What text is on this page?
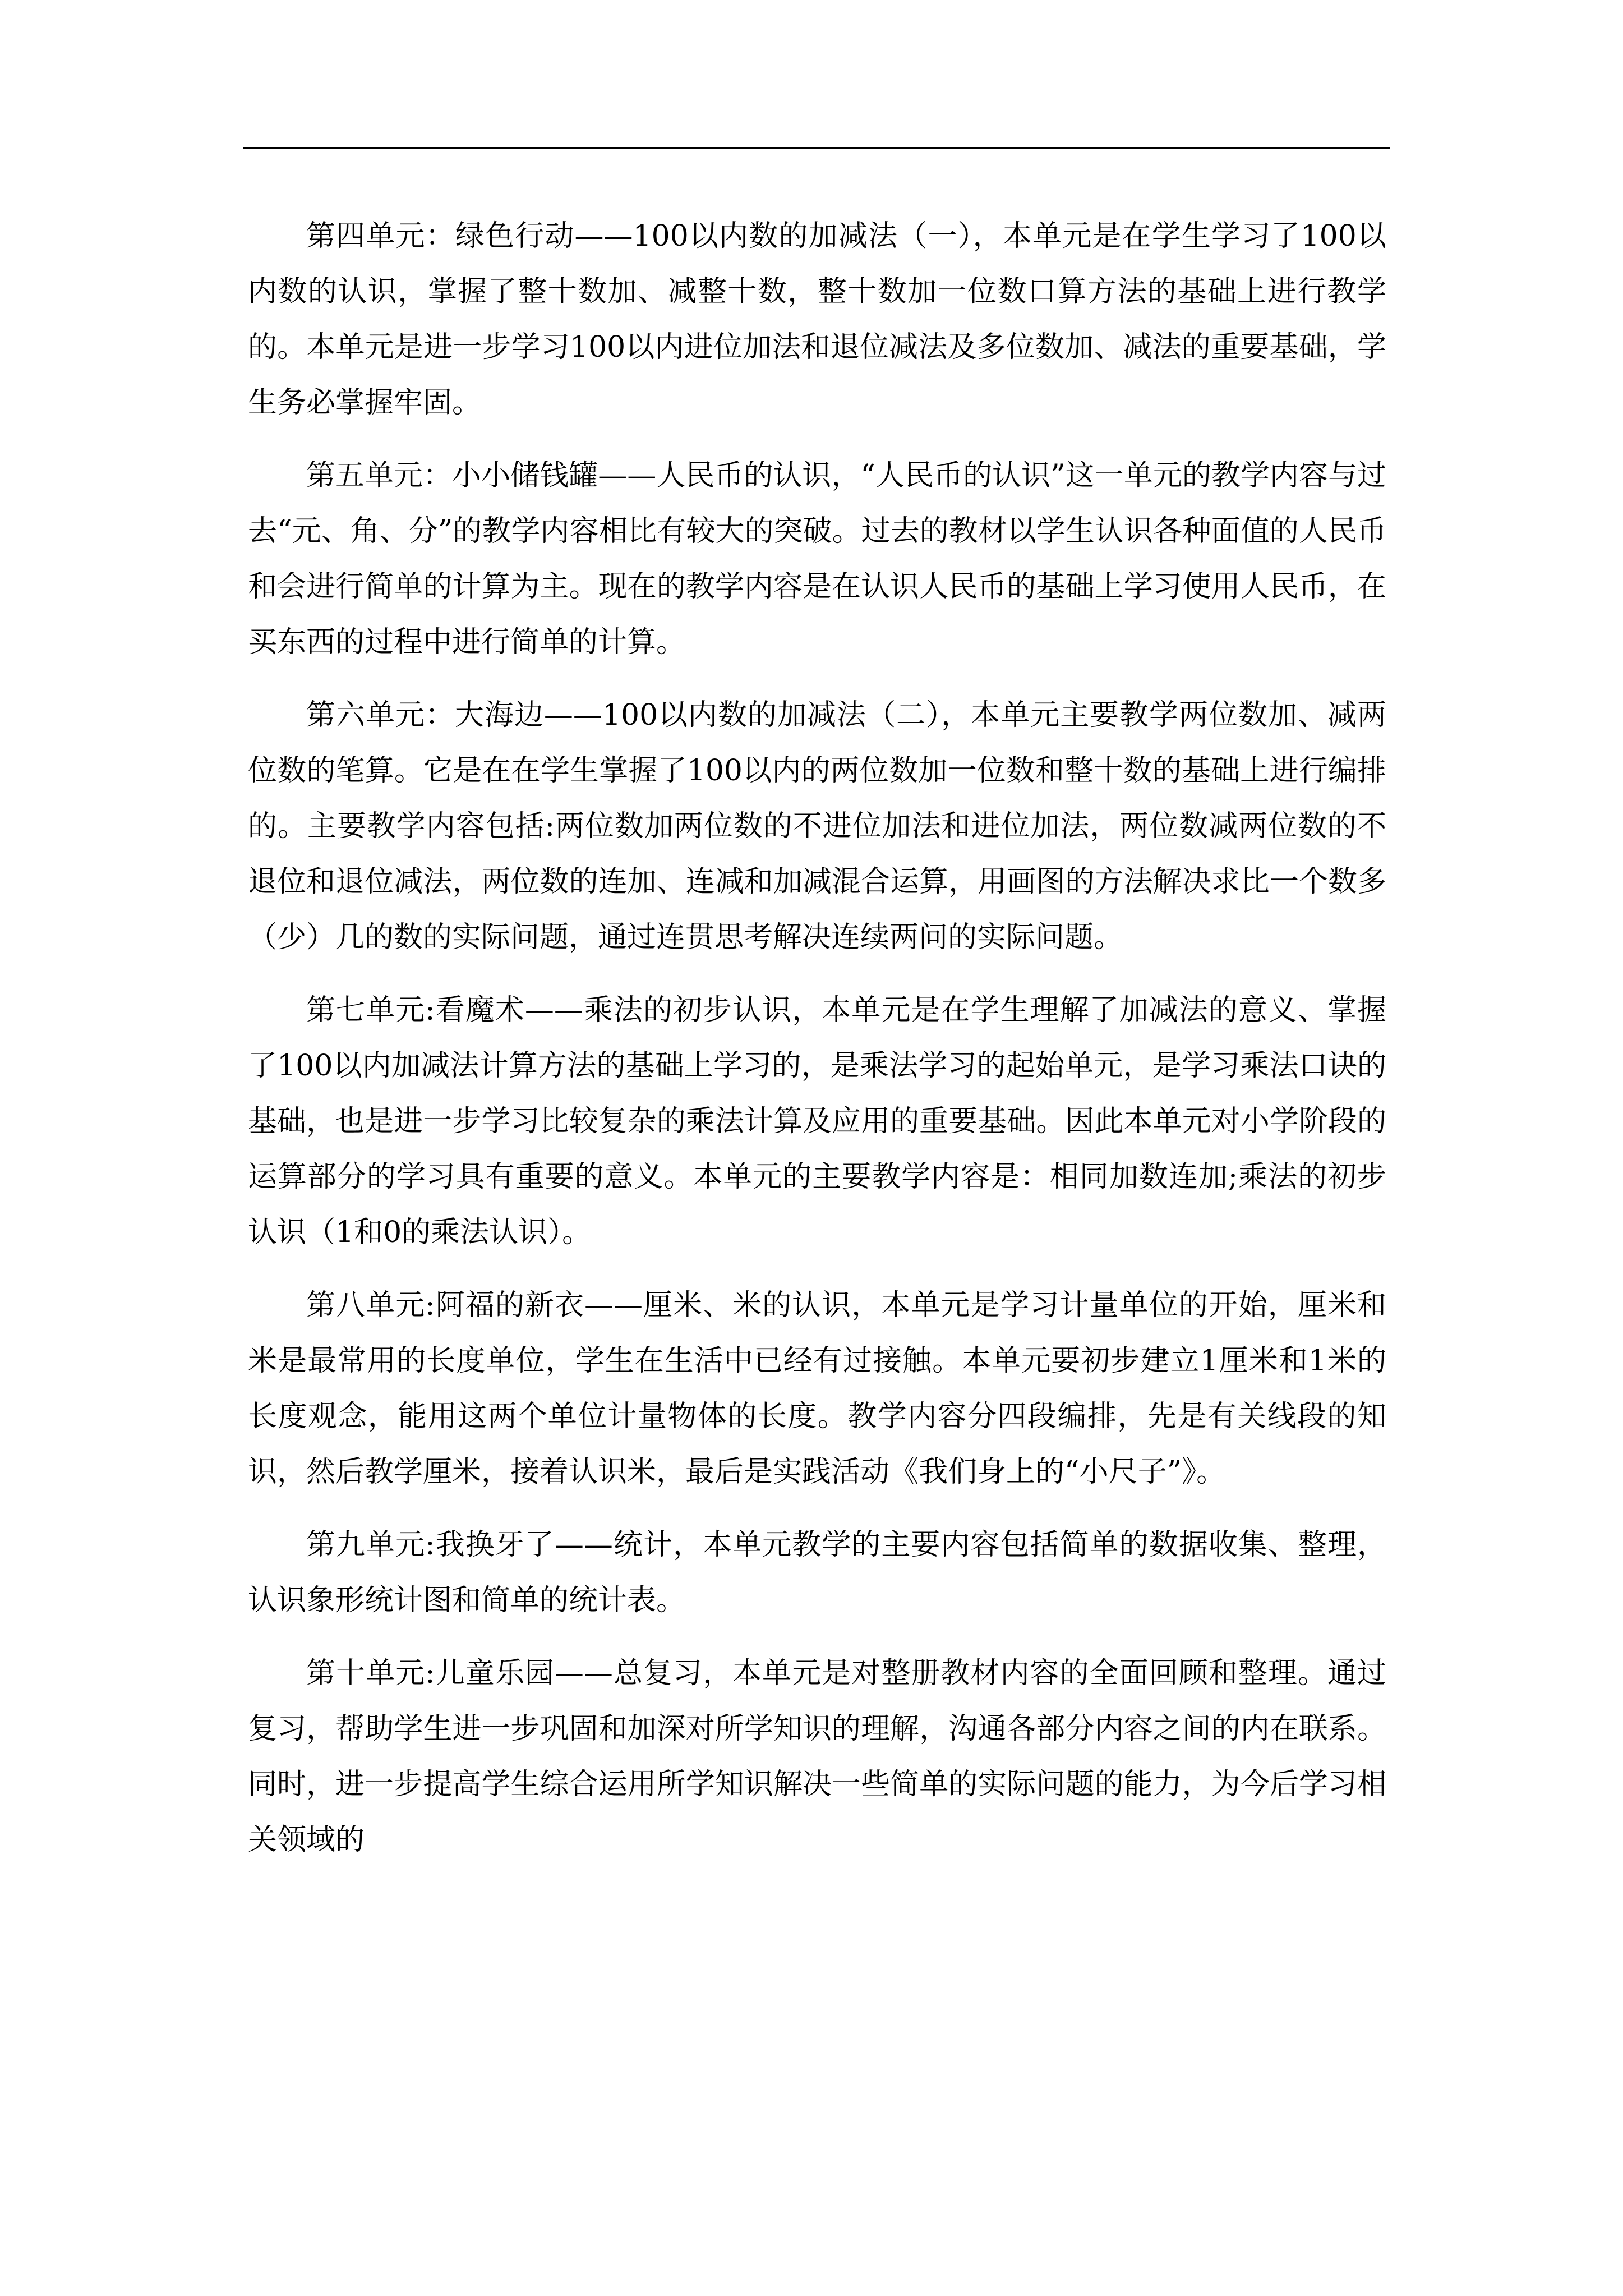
第四单元：绿色行动——100以内数的加减法（一），本单元是在学生学习了100以内数的认识，掌握了整十数加、减整十数，整十数加一位数口算方法的基础上进行教学的。本单元是进一步学习100以内进位加法和退位减法及多位数加、减法的重要基础，学生务必掌握牢固。

第五单元：小小储钱罐——人民币的认识，“人民币的认识”这一单元的教学内容与过去“元、角、分”的教学内容相比有较大的突破。过去的教材以学生认识各种面值的人民币和会进行简单的计算为主。现在的教学内容是在认识人民币的基础上学习使用人民币，在买东西的过程中进行简单的计算。

第六单元：大海边——100以内数的加减法（二），本单元主要教学两位数加、减两位数的笔算。它是在在学生掌握了100以内的两位数加一位数和整十数的基础上进行编排的。主要教学内容包括:两位数加两位数的不进位加法和进位加法，两位数减两位数的不退位和退位减法，两位数的连加、连减和加减混合运算，用画图的方法解决求比一个数多（少）几的数的实际问题，通过连贯思考解决连续两问的实际问题。

第七单元:看魔术——乘法的初步认识，本单元是在学生理解了加减法的意义、掌握了100以内加减法计算方法的基础上学习的，是乘法学习的起始单元，是学习乘法口诀的基础，也是进一步学习比较复杂的乘法计算及应用的重要基础。因此本单元对小学阶段的运算部分的学习具有重要的意义。本单元的主要教学内容是：相同加数连加;乘法的初步认识（1和0的乘法认识）。

第八单元:阿福的新衣——厘米、米的认识，本单元是学习计量单位的开始，厘米和米是最常用的长度单位，学生在生活中已经有过接触。本单元要初步建立1厘米和1米的长度观念，能用这两个单位计量物体的长度。教学内容分四段编排，先是有关线段的知识，然后教学厘米，接着认识米，最后是实践活动《我们身上的“小尺子”》。

第九单元:我换牙了——统计，本单元教学的主要内容包括简单的数据收集、整理，认识象形统计图和简单的统计表。

第十单元:儿童乐园——总复习，本单元是对整册教材内容的全面回顾和整理。通过复习，帮助学生进一步巩固和加深对所学知识的理解，沟通各部分内容之间的内在联系。同时，进一步提高学生综合运用所学知识解决一些简单的实际问题的能力，为今后学习相关领域的
